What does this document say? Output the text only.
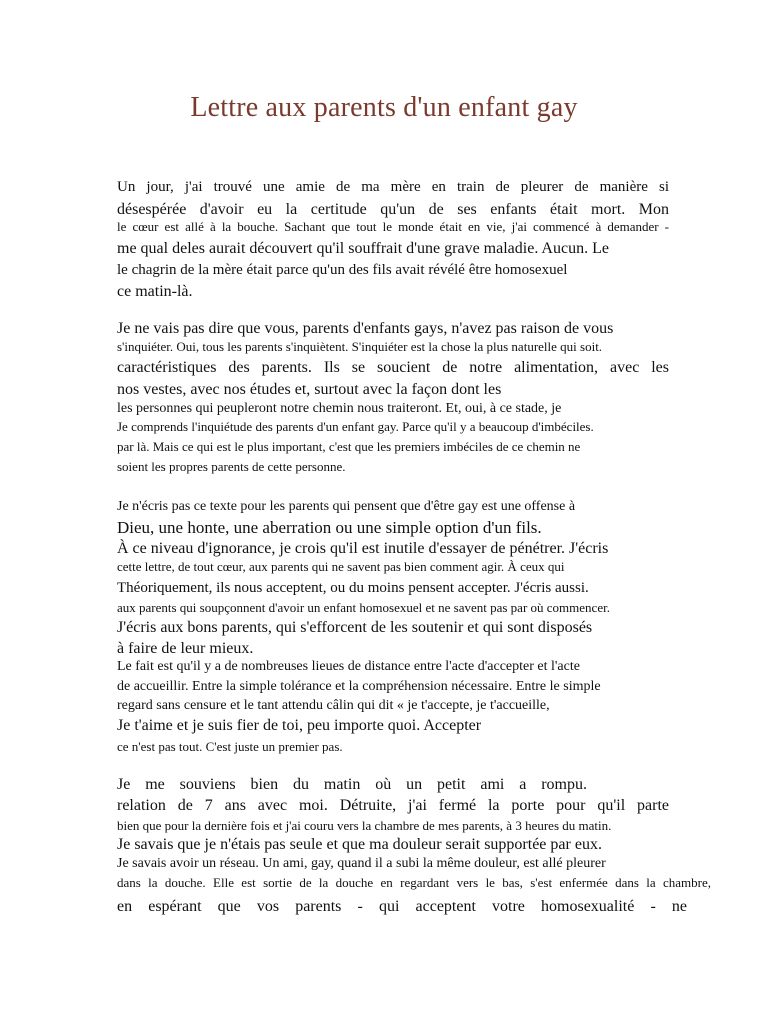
Lettre aux parents d'un enfant gay
Un jour, j'ai trouvé une amie de ma mère en train de pleurer de manière si
désespérée d'avoir eu la certitude qu'un de ses enfants était mort. Mon
le cœur est allé à la bouche. Sachant que tout le monde était en vie, j'ai commencé à demander -
me qual deles aurait découvert qu'il souffrait d'une grave maladie. Aucun. Le
le chagrin de la mère était parce qu'un des fils avait révélé être homosexuel
ce matin-là.
Je ne vais pas dire que vous, parents d'enfants gays, n'avez pas raison de vous
s'inquiéter. Oui, tous les parents s'inquiètent. S'inquiéter est la chose la plus naturelle qui soit.
caractéristiques des parents. Ils se soucient de notre alimentation, avec les
nos vestes, avec nos études et, surtout avec la façon dont les
les personnes qui peupleront notre chemin nous traiteront. Et, oui, à ce stade, je
Je comprends l'inquiétude des parents d'un enfant gay. Parce qu'il y a beaucoup d'imbéciles.
par là. Mais ce qui est le plus important, c'est que les premiers imbéciles de ce chemin ne
soient les propres parents de cette personne.
Je n'écris pas ce texte pour les parents qui pensent que d'être gay est une offense à
Dieu, une honte, une aberration ou une simple option d'un fils.
À ce niveau d'ignorance, je crois qu'il est inutile d'essayer de pénétrer. J'écris
cette lettre, de tout cœur, aux parents qui ne savent pas bien comment agir. À ceux qui
Théoriquement, ils nous acceptent, ou du moins pensent accepter. J'écris aussi.
aux parents qui soupçonnent d'avoir un enfant homosexuel et ne savent pas par où commencer.
J'écris aux bons parents, qui s'efforcent de les soutenir et qui sont disposés
à faire de leur mieux.
Le fait est qu'il y a de nombreuses lieues de distance entre l'acte d'accepter et l'acte
de accueillir. Entre la simple tolérance et la compréhension nécessaire. Entre le simple
regard sans censure et le tant attendu câlin qui dit « je t'accepte, je t'accueille,
Je t'aime et je suis fier de toi, peu importe quoi. Accepter
ce n'est pas tout. C'est juste un premier pas.
Je me souviens bien du matin où un petit ami a rompu.
relation de 7 ans avec moi. Détruite, j'ai fermé la porte pour qu'il parte
bien que pour la dernière fois et j'ai couru vers la chambre de mes parents, à 3 heures du matin.
Je savais que je n'étais pas seule et que ma douleur serait supportée par eux.
Je savais avoir un réseau. Un ami, gay, quand il a subi la même douleur, est allé pleurer
dans la douche. Elle est sortie de la douche en regardant vers le bas, s'est enfermée dans la chambre,
en espérant que vos parents - qui acceptent votre homosexualité - ne
